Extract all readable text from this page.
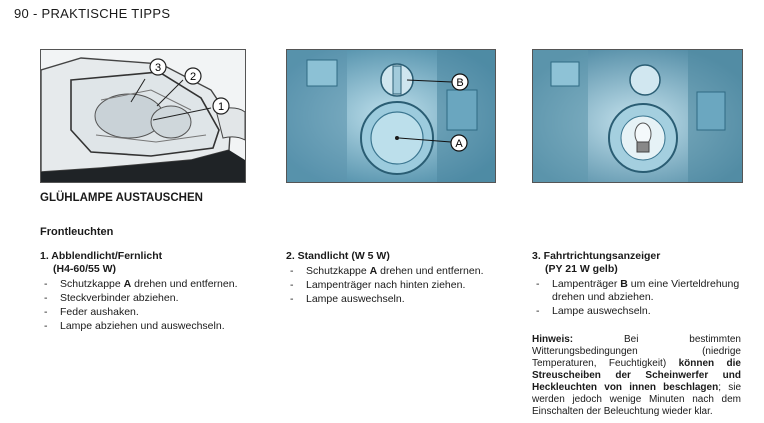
90 - PRAKTISCHE TIPPS
3
2
1
B
A
GLÜHLAMPE AUSTAUSCHEN
Frontleuchten
1. Abblendlicht/Fernlicht
(H4-60/55 W)
- Schutzkappe A drehen und entfernen.
- Steckverbinder abziehen.
- Feder aushaken.
- Lampe abziehen und auswechseln.
2. Standlicht (W 5 W)
- Schutzkappe A drehen und entfernen.
- Lampenträger nach hinten ziehen.
- Lampe auswechseln.
3. Fahrtrichtungsanzeiger
(PY 21 W gelb)
- Lampenträger B um eine Vierteldrehung drehen und abziehen.
- Lampe auswechseln.
Hinweis: Bei bestimmten Witterungsbedingungen (niedrige Temperaturen, Feuchtigkeit) können die Streuscheiben der Scheinwerfer und Heckleuchten von innen beschlagen; sie werden jedoch wenige Minuten nach dem Einschalten der Beleuchtung wieder klar.
